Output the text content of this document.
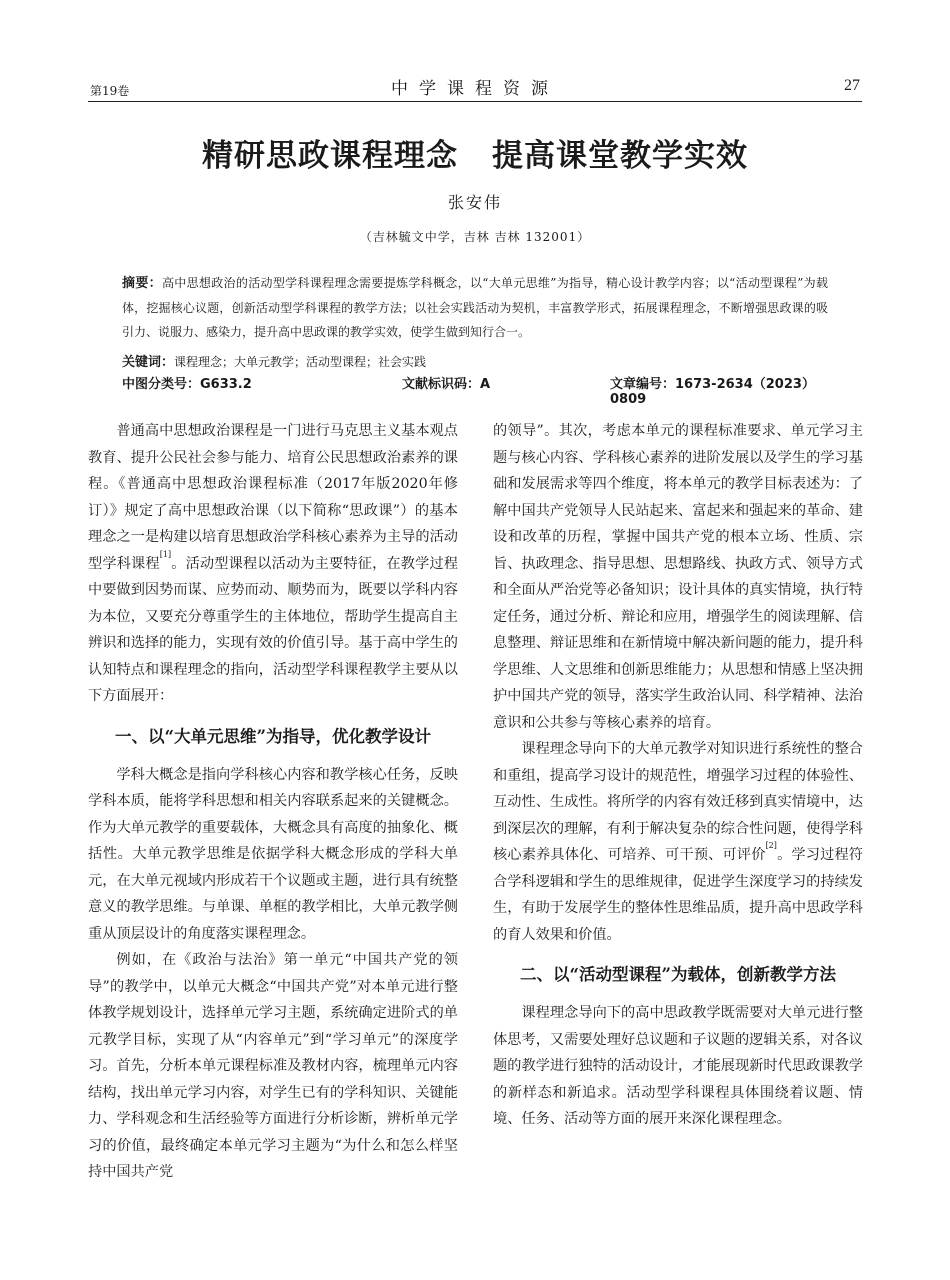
第19卷	中学课程资源	27
精研思政课程理念 提高课堂教学实效
张安伟
（吉林毓文中学，吉林 吉林 132001）
摘要：高中思想政治的活动型学科课程理念需要提炼学科概念，以“大单元思维”为指导，精心设计教学内容；以“活动型课程”为载体，挖掘核心议题，创新活动型学科课程的教学方法；以社会实践活动为契机，丰富教学形式，拓展课程理念，不断增强思政课的吸引力、说服力、感染力，提升高中思政课的教学实效，使学生做到知行合一。
关键词：课程理念；大单元教学；活动型课程；社会实践
中图分类号：G633.2	文献标识码：A	文章编号：1673-2634（2023）0809

普通高中思想政治课程是一门进行马克思主义基本观点教育、提升公民社会参与能力、培育公民思想政治素养的课程。《普通高中思想政治课程标准（2017年版2020年修订）》规定了高中思想政治课（以下简称“思政课”）的基本理念之一是构建以培育思想政治学科核心素养为主导的活动型学科课程[1]。活动型课程以活动为主要特征，在教学过程中要做到因势而谋、应势而动、顺势而为，既要以学科内容为本位，又要充分尊重学生的主体地位，帮助学生提高自主辨识和选择的能力，实现有效的价值引导。基于高中学生的认知特点和课程理念的指向，活动型学科课程教学主要从以下方面展开：

一、以“大单元思维”为指导，优化教学设计

学科大概念是指向学科核心内容和教学核心任务，反映学科本质，能将学科思想和相关内容联系起来的关键概念。作为大单元教学的重要载体，大概念具有高度的抽象化、概括性。大单元教学思维是依据学科大概念形成的学科大单元，在大单元视域内形成若干个议题或主题，进行具有统整意义的教学思维。与单课、单框的教学相比，大单元教学侧重从顶层设计的角度落实课程理念。

例如，在《政治与法治》第一单元“中国共产党的领导”的教学中，以单元大概念“中国共产党”对本单元进行整体教学规划设计，选择单元学习主题，系统确定进阶式的单元教学目标，实现了从“内容单元”到“学习单元”的深度学习。首先，分析本单元课程标准及教材内容，梳理单元内容结构，找出单元学习内容，对学生已有的学科知识、关键能力、学科观念和生活经验等方面进行分析诊断，辨析单元学习的价值，最终确定本单元学习主题为“为什么和怎么样坚持中国共产党

的领导”。其次，考虑本单元的课程标准要求、单元学习主题与核心内容、学科核心素养的进阶发展以及学生的学习基础和发展需求等四个维度，将本单元的教学目标表述为：了解中国共产党领导人民站起来、富起来和强起来的革命、建设和改革的历程，掌握中国共产党的根本立场、性质、宗旨、执政理念、指导思想、思想路线、执政方式、领导方式和全面从严治党等必备知识；设计具体的真实情境，执行特定任务，通过分析、辩论和应用，增强学生的阅读理解、信息整理、辩证思维和在新情境中解决新问题的能力，提升科学思维、人文思维和创新思维能力；从思想和情感上坚决拥护中国共产党的领导，落实学生政治认同、科学精神、法治意识和公共参与等核心素养的培育。

课程理念导向下的大单元教学对知识进行系统性的整合和重组，提高学习设计的规范性，增强学习过程的体验性、互动性、生成性。将所学的内容有效迁移到真实情境中，达到深层次的理解，有利于解决复杂的综合性问题，使得学科核心素养具体化、可培养、可干预、可评价[2]。学习过程符合学科逻辑和学生的思维规律，促进学生深度学习的持续发生，有助于发展学生的整体性思维品质，提升高中思政学科的育人效果和价值。

二、以“活动型课程”为载体，创新教学方法

课程理念导向下的高中思政教学既需要对大单元进行整体思考，又需要处理好总议题和子议题的逻辑关系，对各议题的教学进行独特的活动设计，才能展现新时代思政课教学的新样态和新追求。活动型学科课程具体围绕着议题、情境、任务、活动等方面的展开来深化课程理念。
